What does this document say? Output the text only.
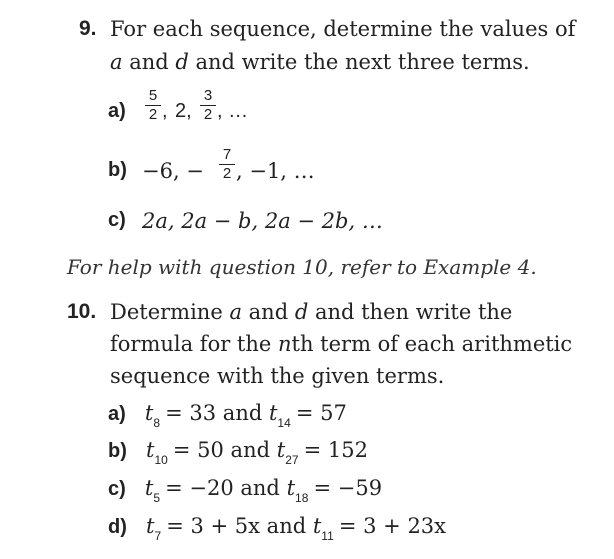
9. For each sequence, determine the values of
a and d and write the next three terms.
a)
5
2 , 2,
3
2 , …
b) −6, −
7
2 , −1, …
c) 2a, 2a − b, 2a − 2b, …
For help with question 10, refer to Example 4.
10. Determine a and d and then write the
formula for the nth term of each arithmetic
sequence with the given terms.
a) $t_8 = 33$ and $t_{14} = 57$
b) $t_{10} = 50$ and $t_{27} = 152$
c) $t_5 = -20$ and $t_{18} = -59$
d) $t_7 = 3 + 5x$ and $t_{11} = 3 + 23x$
